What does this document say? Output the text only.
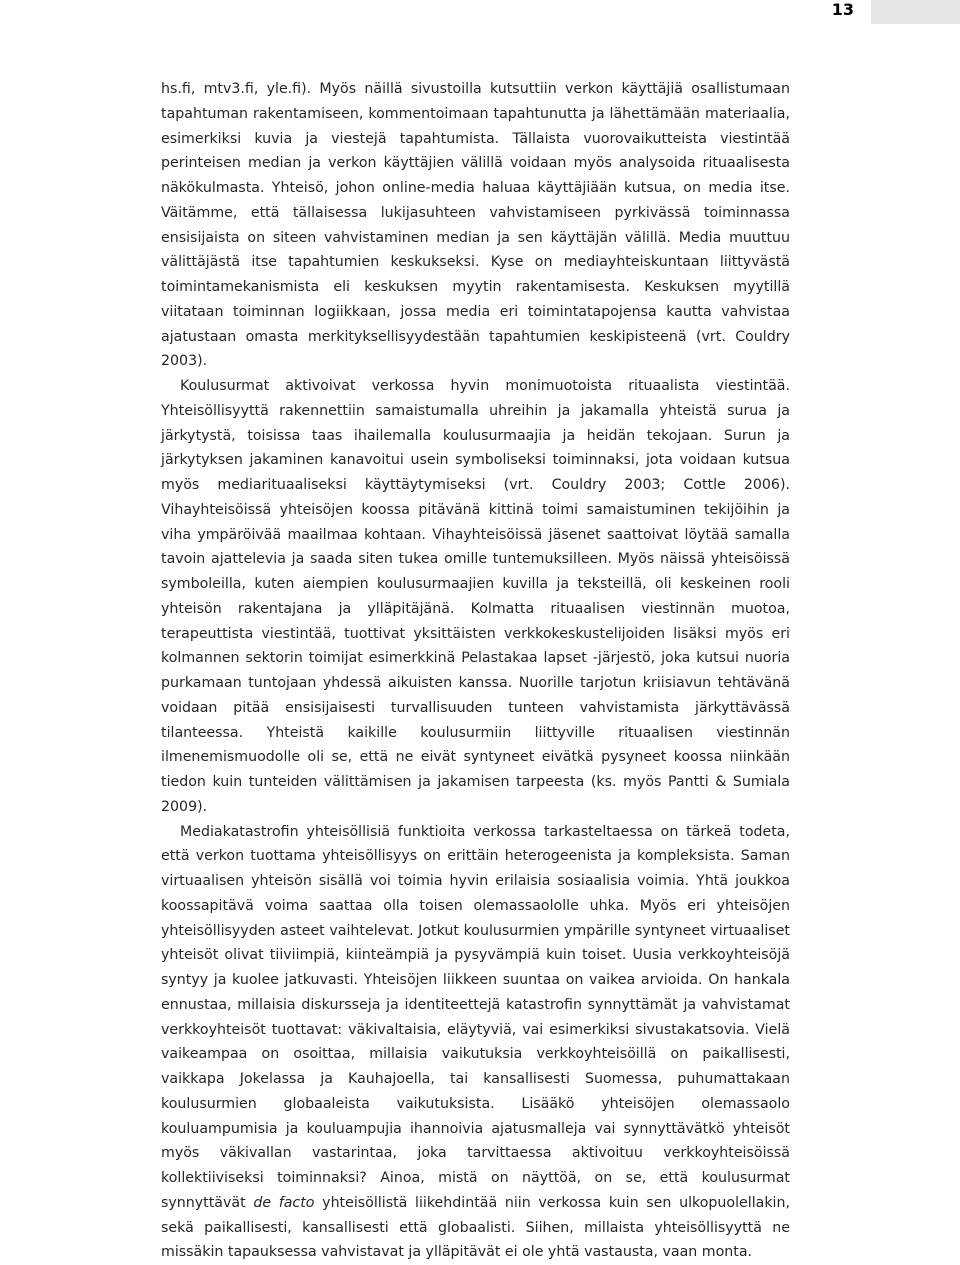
13

hs.fi, mtv3.fi, yle.fi). Myös näillä sivustoilla kutsuttiin verkon käyttäjiä osallistumaan tapahtuman rakentamiseen, kommentoimaan tapahtunutta ja lähettämään materiaalia, esimerkiksi kuvia ja viestejä tapahtumista. Tällaista vuorovaikutteista viestintää perinteisen median ja verkon käyttäjien välillä voidaan myös analysoida rituaalisesta näkökulmasta. Yhteisö, johon online-media haluaa käyttäjiään kutsua, on media itse. Väitämme, että tällaisessa lukijasuhteen vahvistamiseen pyrkivässä toiminnassa ensisijaista on siteen vahvistaminen median ja sen käyttäjän välillä. Media muuttuu välittäjästä itse tapahtumien keskukseksi. Kyse on mediayhteiskuntaan liittyvästä toimintamekanismista eli keskuksen myytin rakentamisesta. Keskuksen myytillä viitataan toiminnan logiikkaan, jossa media eri toimintatapojensa kautta vahvistaa ajatustaan omasta merkityksellisyydestään tapahtumien keskipisteenä (vrt. Couldry 2003).

Koulusurmat aktivoivat verkossa hyvin monimuotoista rituaalista viestintää. Yhteisöllisyyttä rakennettiin samaistumalla uhreihin ja jakamalla yhteistä surua ja järkytystä, toisissa taas ihailemalla koulusurmaajia ja heidän tekojaan. Surun ja järkytyksen jakaminen kanavoitui usein symboliseksi toiminnaksi, jota voidaan kutsua myös mediarituaaliseksi käyttäytymiseksi (vrt. Couldry 2003; Cottle 2006). Vihayhteisöissä yhteisöjen koossa pitävänä kittinä toimi samaistuminen tekijöihin ja viha ympäröivää maailmaa kohtaan. Vihayhteisöissä jäsenet saattoivat löytää samalla tavoin ajattelevia ja saada siten tukea omille tuntemuksilleen. Myös näissä yhteisöissä symboleilla, kuten aiempien koulusurmaajien kuvilla ja teksteillä, oli keskeinen rooli yhteisön rakentajana ja ylläpitäjänä. Kolmatta rituaalisen viestinnän muotoa, terapeuttista viestintää, tuottivat yksittäisten verkkokeskustelijoiden lisäksi myös eri kolmannen sektorin toimijat esimerkkinä Pelastakaa lapset -järjestö, joka kutsui nuoria purkamaan tuntojaan yhdessä aikuisten kanssa. Nuorille tarjotun kriisiavun tehtävänä voidaan pitää ensisijaisesti turvallisuuden tunteen vahvistamista järkyttävässä tilanteessa. Yhteistä kaikille koulusurmiin liittyville rituaalisen viestinnän ilmenemismuodolle oli se, että ne eivät syntyneet eivätkä pysyneet koossa niinkään tiedon kuin tunteiden välittämisen ja jakamisen tarpeesta (ks. myös Pantti & Sumiala 2009).

Mediakatastrofin yhteisöllisiä funktioita verkossa tarkasteltaessa on tärkeä todeta, että verkon tuottama yhteisöllisyys on erittäin heterogeenista ja kompleksista. Saman virtuaalisen yhteisön sisällä voi toimia hyvin erilaisia sosiaalisia voimia. Yhtä joukkoa koossapitävä voima saattaa olla toisen olemassaololle uhka. Myös eri yhteisöjen yhteisöllisyyden asteet vaihtelevat. Jotkut koulusurmien ympärille syntyneet virtuaaliset yhteisöt olivat tiiviimpiä, kiinteämpiä ja pysyvämpiä kuin toiset. Uusia verkkoyhteisöjä syntyy ja kuolee jatkuvasti. Yhteisöjen liikkeen suuntaa on vaikea arvioida. On hankala ennustaa, millaisia diskursseja ja identiteettejä katastrofin synnyttämät ja vahvistamat verkkoyhteisöt tuottavat: väkivaltaisia, eläytyviä, vai esimerkiksi sivustakatsovia. Vielä vaikeampaa on osoittaa, millaisia vaikutuksia verkkoyhteisöillä on paikallisesti, vaikkapa Jokelassa ja Kauhajoella, tai kansallisesti Suomessa, puhumattakaan koulusurmien globaaleista vaikutuksista. Lisääkö yhteisöjen olemassaolo kouluampumisia ja kouluampujia ihannoivia ajatusmalleja vai synnyttävätkö yhteisöt myös väkivallan vastarintaa, joka tarvittaessa aktivoituu verkkoyhteisöissä kollektiiviseksi toiminnaksi? Ainoa, mistä on näyttöä, on se, että koulusurmat synnyttävät de facto yhteisöllistä liikehdintää niin verkossa kuin sen ulkopuolellakin, sekä paikallisesti, kansallisesti että globaalisti. Siihen, millaista yhteisöllisyyttä ne missäkin tapauksessa vahvistavat ja ylläpitävät ei ole yhtä vastausta, vaan monta.
